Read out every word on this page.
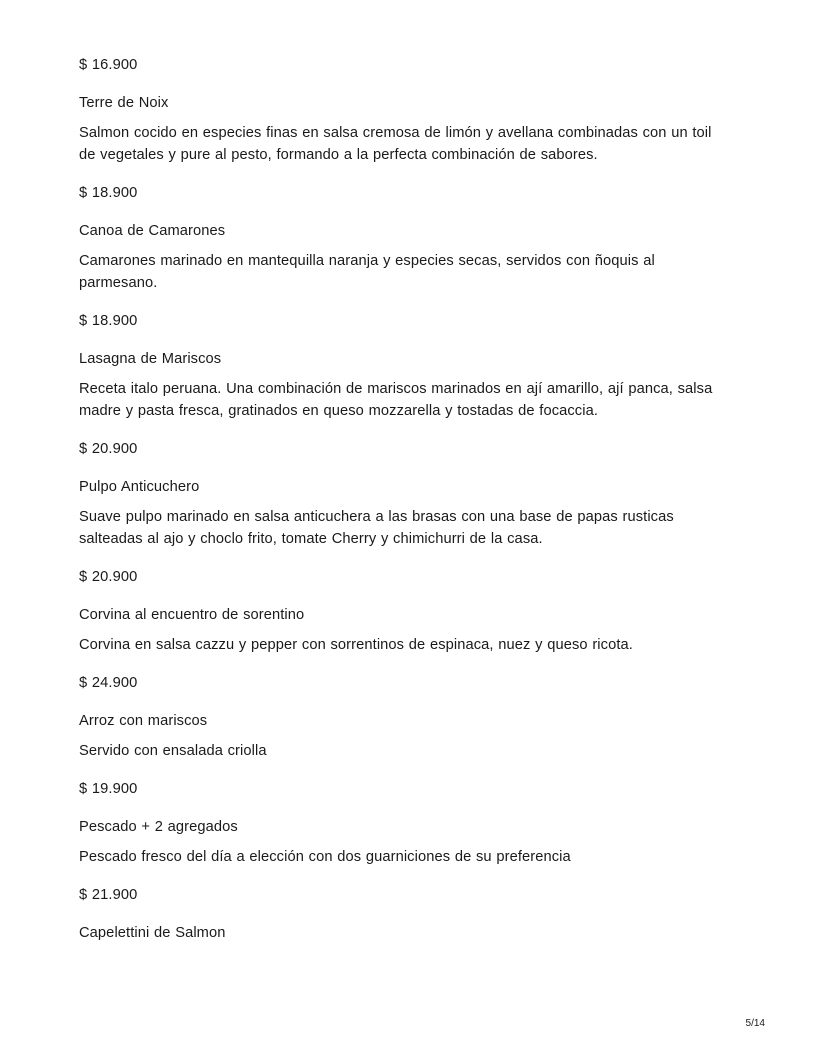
$ 16.900

Terre de Noix

Salmon cocido en especies finas en salsa cremosa de limón y avellana combinadas con un toil de vegetales y pure al pesto, formando a la perfecta combinación de sabores.

$ 18.900

Canoa de Camarones

Camarones marinado en mantequilla naranja y especies secas, servidos con ñoquis al parmesano.

$ 18.900

Lasagna de Mariscos

Receta italo peruana. Una combinación de mariscos marinados en ají amarillo, ají panca, salsa madre y pasta fresca, gratinados en queso mozzarella y tostadas de focaccia.

$ 20.900

Pulpo Anticuchero

Suave pulpo marinado en salsa anticuchera a las brasas con una base de papas rusticas salteadas al ajo y choclo frito, tomate Cherry y chimichurri de la casa.

$ 20.900

Corvina al encuentro de sorentino

Corvina en salsa cazzu y pepper con sorrentinos de espinaca, nuez y queso ricota.

$ 24.900

Arroz con mariscos

Servido con ensalada criolla

$ 19.900

Pescado + 2 agregados

Pescado fresco del día a elección con dos guarniciones de su preferencia

$ 21.900

Capelettini de Salmon

5/14
